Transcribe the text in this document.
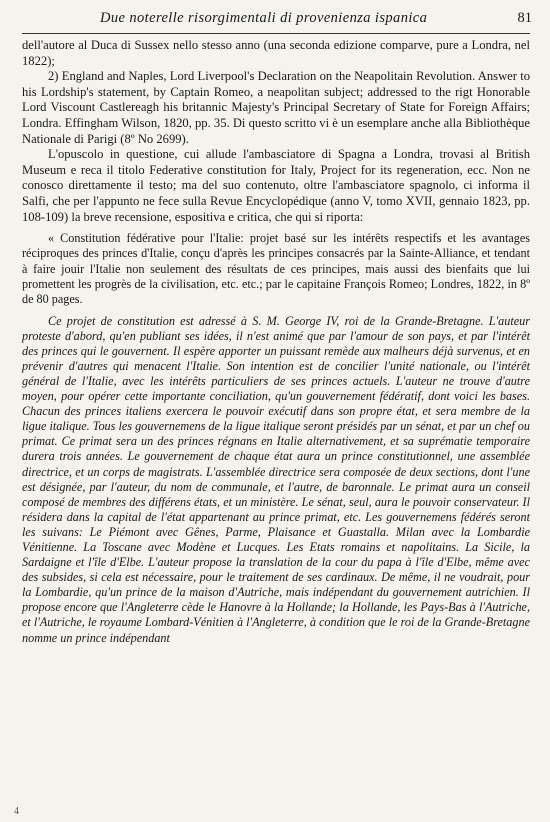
Due noterelle risorgimentali di provenienza ispanica	81

dell'autore al Duca di Sussex nello stesso anno (una seconda edizione comparve, pure a Londra, nel 1822);

2) England and Naples, Lord Liverpool's Declaration on the Neapolitain Revolution. Answer to his Lordship's statement, by Captain Romeo, a neapolitan subject; addressed to the rigt Honorable Lord Viscount Castlereagh his britannic Majesty's Principal Secretary of State for Foreign Affairs; Londra. Effingham Wilson, 1820, pp. 35. Di questo scritto vi è un esemplare anche alla Bibliothèque Nationale di Parigi (8º No 2699).

L'opuscolo in questione, cui allude l'ambasciatore di Spagna a Londra, trovasi al British Museum e reca il titolo Federative constitution for Italy, Project for its regeneration, ecc. Non ne conosco direttamente il testo; ma del suo contenuto, oltre l'ambasciatore spagnolo, ci informa il Salfi, che per l'appunto ne fece sulla Revue Encyclopédique (anno V, tomo XVII, gennaio 1823, pp. 108-109) la breve recensione, espositiva e critica, che qui si riporta:

« Constitution fédérative pour l'Italie: projet basé sur les intérêts respectifs et les avantages réciproques des princes d'Italie, conçu d'après les principes consacrés par la Sainte-Alliance, et tendant à faire jouir l'Italie non seulement des résultats de ces principes, mais aussi des bienfaits que lui promettent les progrès de la civilisation, etc. etc.; par le capitaine François Romeo; Londres, 1822, in 8º de 80 pages.

Ce projet de constitution est adressé à S. M. George IV, roi de la Grande-Bretagne. L'auteur proteste d'abord, qu'en publiant ses idées, il n'est animé que par l'amour de son pays, et par l'intérêt des princes qui le gouvernent. Il espère apporter un puissant remède aux malheurs déjà survenus, et en prévenir d'autres qui menacent l'Italie. Son intention est de concilier l'unité nationale, ou l'intérêt général de l'Italie, avec les intérêts particuliers de ses princes actuels. L'auteur ne trouve d'autre moyen, pour opérer cette importante conciliation, qu'un gouvernement fédératif, dont voici les bases. Chacun des princes italiens exercera le pouvoir exécutif dans son propre état, et sera membre de la ligue italique. Tous les gouvernemens de la ligue italique seront présidés par un sénat, et par un chef ou primat. Ce primat sera un des princes régnans en Italie alternativement, et sa suprématie temporaire durera trois années. Le gouvernement de chaque état aura un prince constitutionnel, une assemblée directrice, et un corps de magistrats. L'assemblée directrice sera composée de deux sections, dont l'une est désignée, par l'auteur, du nom de communale, et l'autre, de baronnale. Le primat aura un conseil composé de membres des différens états, et un ministère. Le sénat, seul, aura le pouvoir conservateur. Il résidera dans la capital de l'état appartenant au prince primat, etc. Les gouvernemens fédérés seront les suivans: Le Piémont avec Gênes, Parme, Plaisance et Guastalla. Milan avec la Lombardie Vénitienne. La Toscane avec Modène et Lucques. Les Etats romains et napolitains. La Sicile, la Sardaigne et l'île d'Elbe. L'auteur propose la translation de la cour du papa à l'île d'Elbe, même avec des subsides, si cela est nécessaire, pour le traitement de ses cardinaux. De même, il ne voudrait, pour la Lombardie, qu'un prince de la maison d'Autriche, mais indépendant du gouvernement autrichien. Il propose encore que l'Angleterre cède le Hanovre à la Hollande; la Hollande, les Pays-Bas à l'Autriche, et l'Autriche, le royaume Lombard-Vénitien à l'Angleterre, à condition que le roi de la Grande-Bretagne nomme un prince indépendant

4
